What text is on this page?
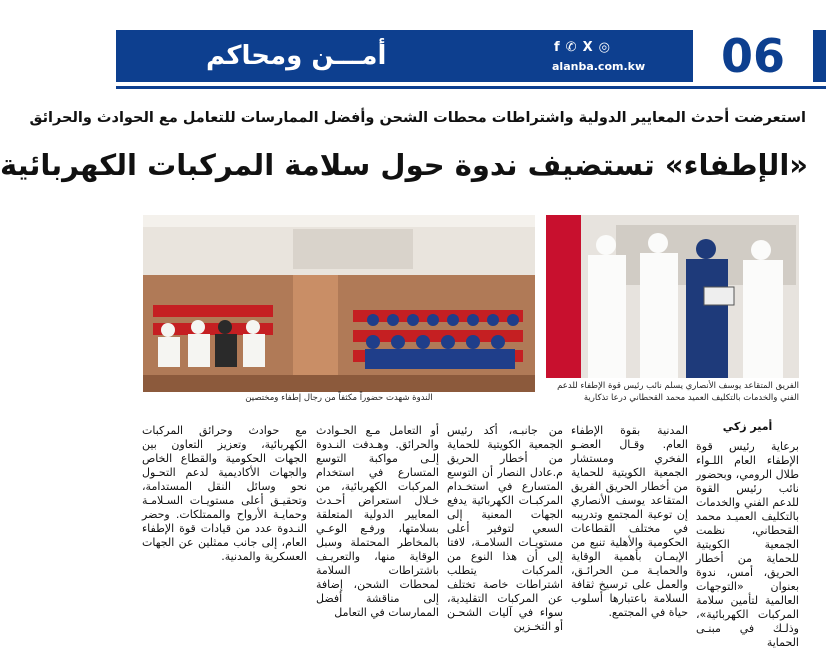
06
أمـــن ومحاكم	f ✆ X ◎
alanba.com.kw
استعرضت أحدث المعايير الدولية واشتراطات محطات الشحن وأفضل الممارسات للتعامل مع الحوادث والحرائق
«الإطفاء» تستضيف ندوة حول سلامة المركبات الكهربائية
الندوة شهدت حضوراً مكثفاً من رجال إطفاء ومختصين
الفريق المتقاعد يوسف الأنصاري يسلم نائب رئيس قوة الإطفاء للدعم الفني والخدمات بالتكليف العميد محمد القحطاني درعا تذكارية
أمير زكي

برعاية رئيس قوة الإطفاء العام اللـواء طلال الرومي، وبحضور نائب رئيس القوة للدعم الفني والخدمات بالتكليف العميـد محمد القحطاني، نظمت الجمعية الكويتية للحماية من أخطار الحريق، أمس، ندوة بعنوان «التوجهات العالمية لتأمين سلامة المركبات الكهربائية»، وذلـك في مبنـى الحماية

المدنية بقوة الإطفاء العام. وقـال العضـو الفخري ومستشار الجمعية الكويتية للحماية من أخطار الحريق الفريق المتقاعد يوسف الأنصاري إن توعية المجتمع وتدريبه في مختلف القطاعات الحكومية والأهلية تنبع من الإيمـان بأهمية الوقاية والحمايـة مـن الحرائـق، والعمل على ترسيخ ثقافة السلامة باعتبارها أسلوب حياة في المجتمع.

من جانبـه، أكد رئيس الجمعية الكويتية للحماية من أخطار الحريق م.عادل النصار أن التوسع المتسارع في استخـدام المركبـات الكهربائية يدفع الجهات المعنية إلى السعي لتوفير أعلى مستويـات السلامـة، لافتا إلى أن هذا النوع من المركبات يتطلب اشتراطات خاصة تختلف عن المركبات التقليدية، سواء في آليات الشحـن أو التخـزين

أو التعامل مـع الحـوادث والحرائق. وهـدفت النـدوة إلـى مواكبة التوسع المتسارع في استخدام المركبات الكهربائية، من خـلال استعراض أحـدث المعايير الدولية المتعلقة بسلامتها، ورفـع الوعـي بالمخاطر المحتملة وسبل الوقاية منها، والتعريـف باشتراطات السلامة لمحطات الشحن، إضافة إلى مناقشة أفضل الممارسات في التعامل

مع حوادث وحرائق المركبات الكهربائية، وتعزيز التعاون بين الجهات الحكومية والقطاع الخاص والجهات الأكاديمية لدعم التحـول نحو وسائل النقل المستدامة، وتحقيـق أعلى مستويـات السـلامـة وحمايـة الأرواح والممتلكات. وحضر النـدوة عدد من قيادات قوة الإطفاء العام، إلى جانب ممثلين عن الجهات العسكرية والمدنية.
